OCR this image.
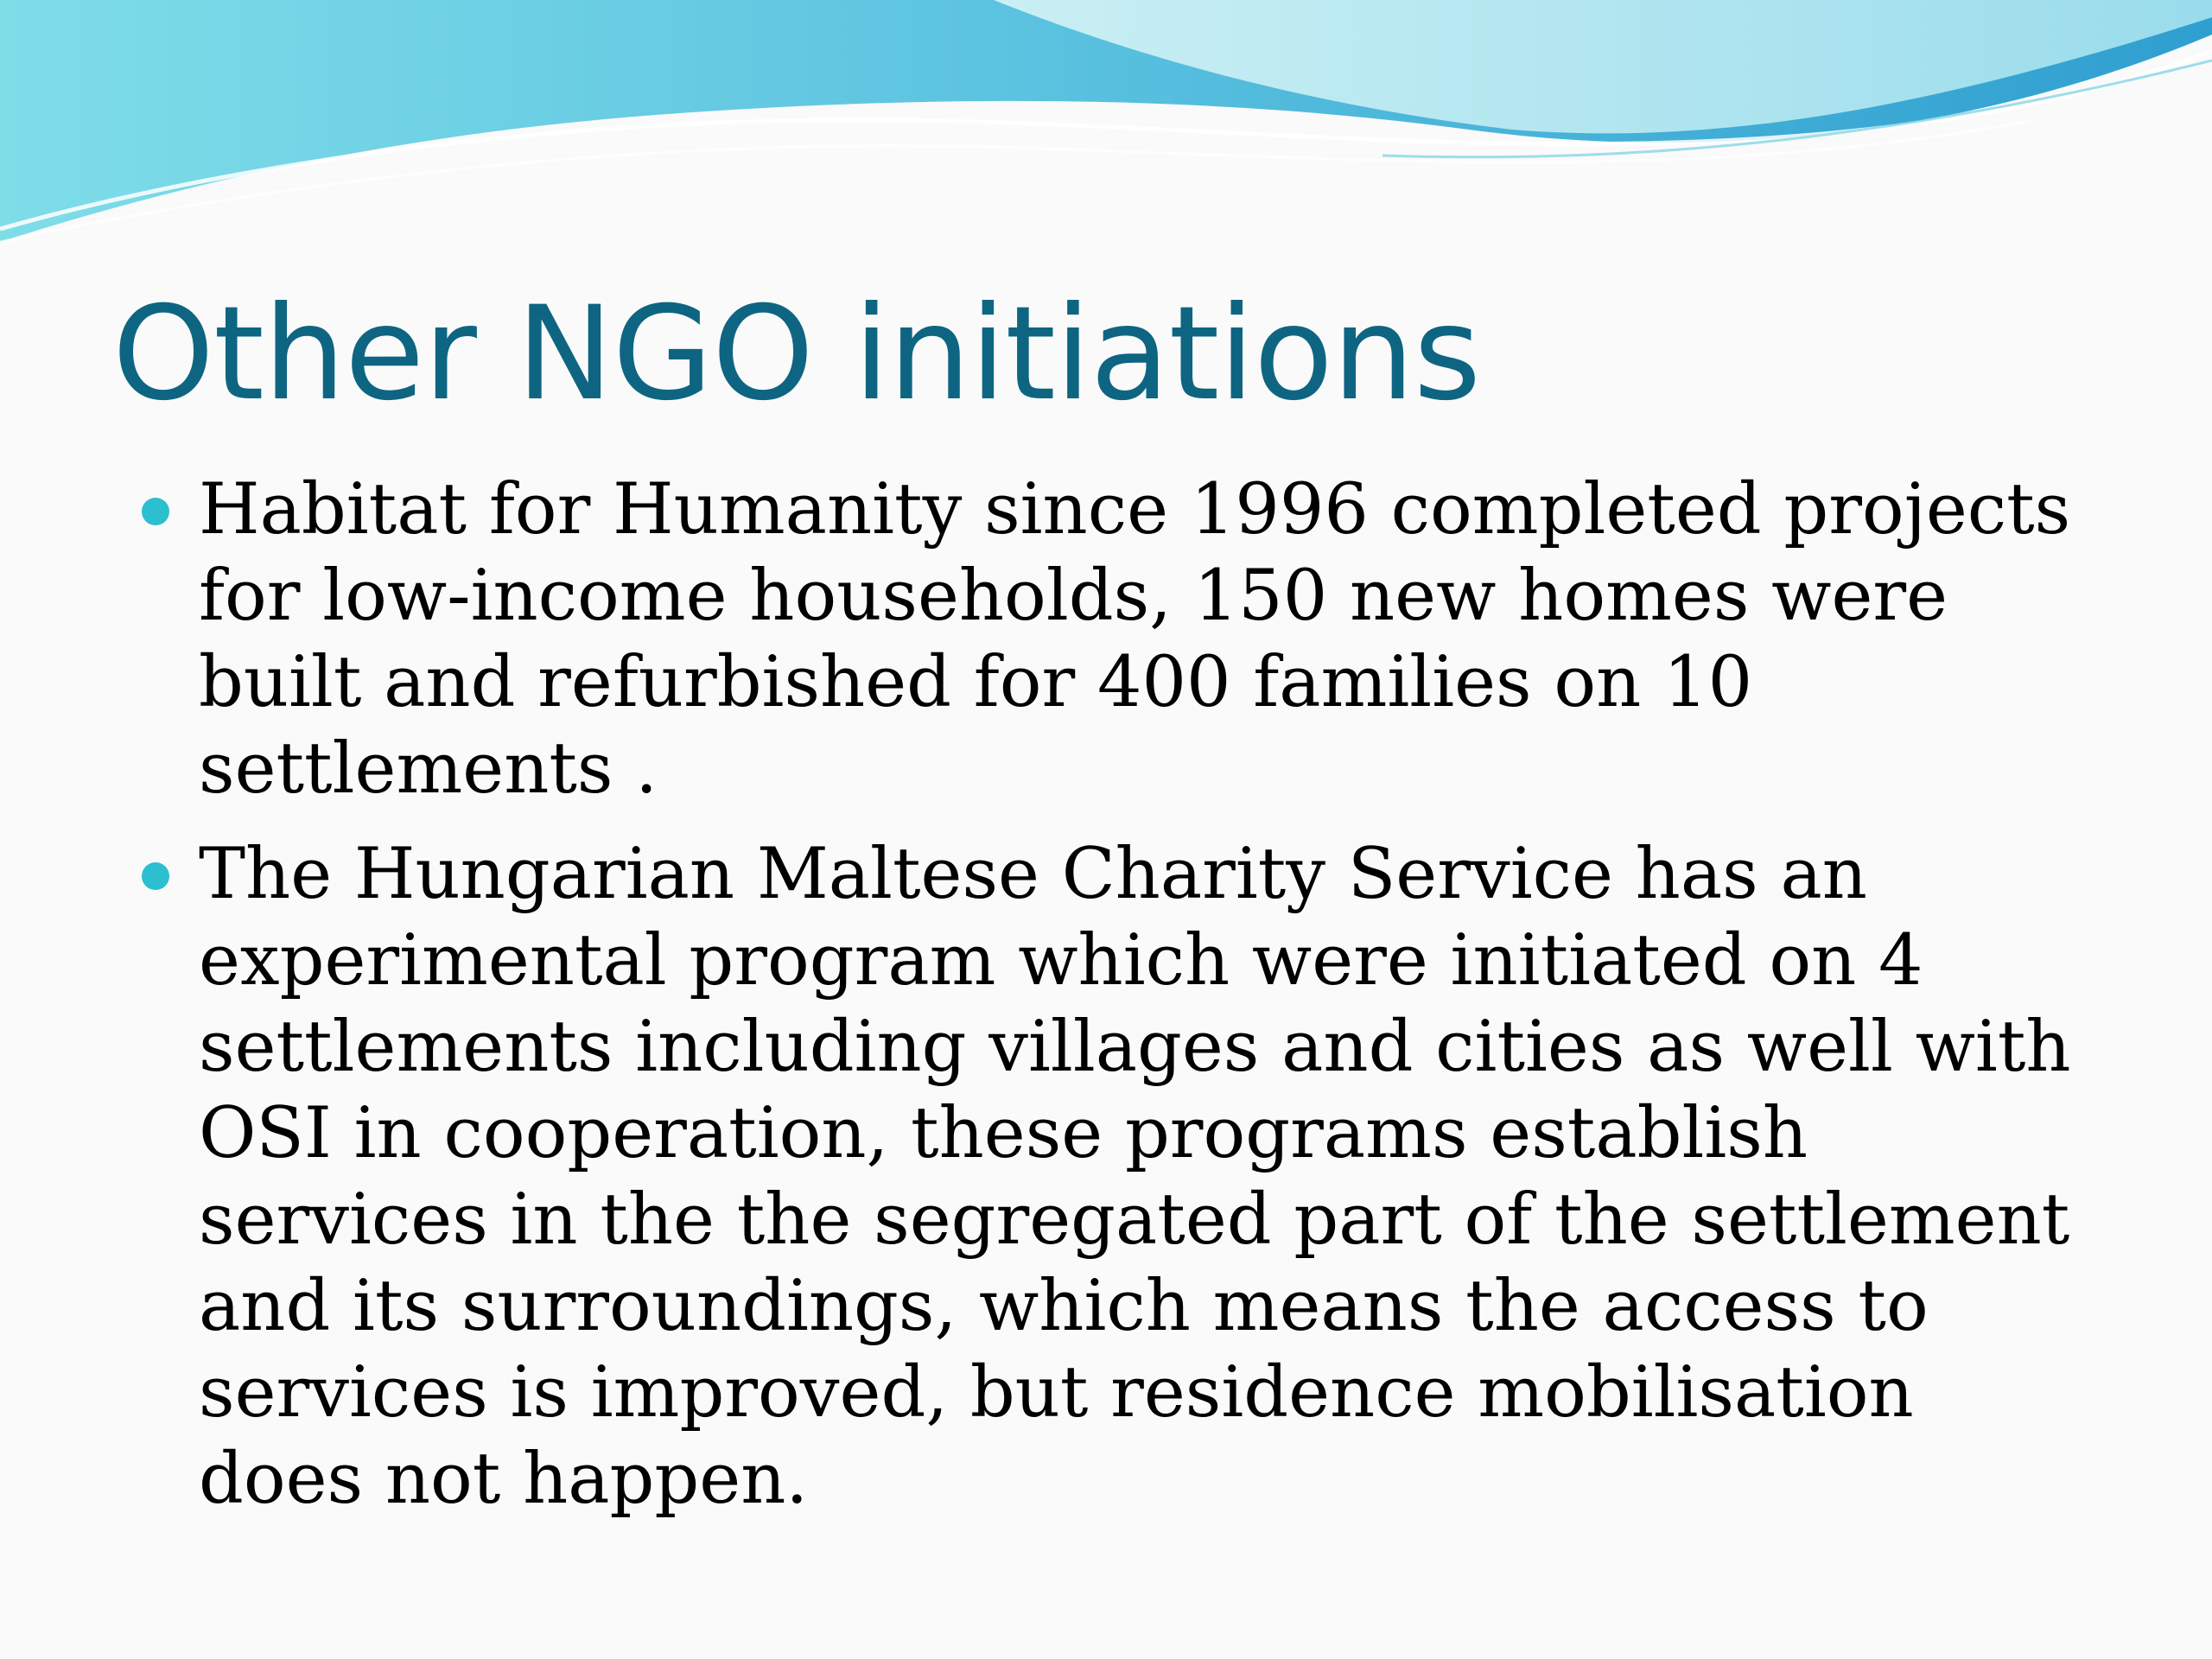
Other NGO initiations
Habitat for Humanity since 1996 completed projects for low-income households, 150 new homes were built and refurbished for 400 families on 10 settlements .
The Hungarian Maltese Charity Service has an experimental program which were initiated on 4 settlements including villages and cities as well with OSI in cooperation, these programs establish services in the the segregated part of the settlement and its surroundings, which means the access to services is improved, but residence mobilisation does not happen.
